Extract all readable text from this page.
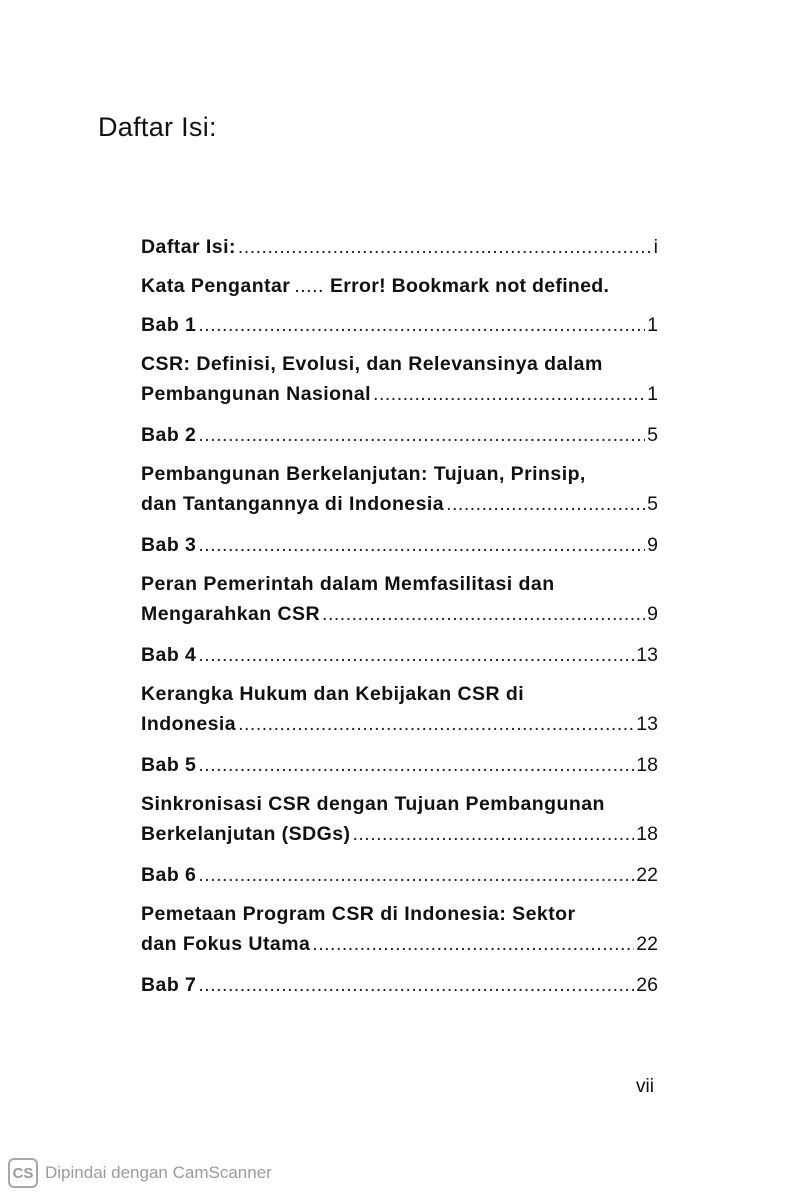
Daftar Isi:
Daftar Isi: .....	i
Kata Pengantar ..... Error! Bookmark not defined.
Bab 1 .....	1
CSR: Definisi, Evolusi, dan Relevansinya dalam
Pembangunan Nasional .....	1
Bab 2 .....	5
Pembangunan Berkelanjutan: Tujuan, Prinsip,
dan Tantangannya di Indonesia .....	5
Bab 3 .....	9
Peran Pemerintah dalam Memfasilitasi dan
Mengarahkan CSR .....	9
Bab 4 .....	13
Kerangka Hukum dan Kebijakan CSR di
Indonesia .....	13
Bab 5 .....	18
Sinkronisasi CSR dengan Tujuan Pembangunan
Berkelanjutan (SDGs) .....	18
Bab 6 .....	22
Pemetaan Program CSR di Indonesia: Sektor
dan Fokus Utama .....	22
Bab 7 .....	26
vii
CS Dipindai dengan CamScanner
